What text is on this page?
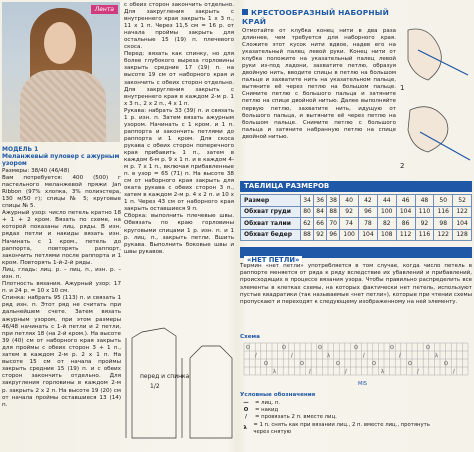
Лента
МОДЕЛЬ 1
Меланжевый пуловер с ажурным узором

Размеры: 38/40 (46/48)

Вам потребуется: 400 (500) г пастельного меланжевой пряжи Jan Ribbon (97% хлопка, 3% полиэстера, 130 м/50 г); спицы № 5; круговые спицы № 5.

Ажурный узор: число петель кратно 18 + 1 + 2 кром. Вязать по схеме, на которой показаны лиц. ряды. В изн. рядах петли и накиды вязать изн. Начинать с 1 кром., петель до раппорта, повторять раппорт, закончить петлями после раппорта и 1 кром. Повторять 1-й-2-й ряды.

Лиц. гладь: лиц. р. – лиц. п., изн. р. – изн. п.

Плотность вязания. Ажурный узор: 17 п. и 24 р. = 10 х 10 см.

Спинка: набрать 95 (113) п. и связать 1 ряд изн. п. Этот ряд не считать при дальнейшем счете. Затем вязать ажурным узором, при этом размеры 46/48 начинать с 1-й петли и 2 петли, при петлях 18 (на 2-й кром.). На высоте 39 (40) см от наборного края закрыть для проймы с обеих сторон 3 + 1 п., затем в каждом 2-м р. 2 х 1 п. На высоте 15 см от начала проймы закрыть средние 15 (19) п. и с обеих сторон закончить отдельно. Для закругления горловины в каждом 2-м р. закрыть 2 х 2 п. На высоте 19 (20) см от начала проймы оставшиеся 13 (14) п.

с обеих сторон закончить отдельно. Для закругления закрыть с внутреннего края закрыть 1 х 3 п., 11 х 1 п. Через 11,5 см = 16 р. от начала проймы закрыть для остальные 15 (19) п. плечевого скоса.

Перед: вязать как спинку, но для более глубокого выреза горловины закрыть средние 17 (19) п. на высоте 19 см от наборного края и закончить с обеих сторон отдельно. Для закругления закрыть с внутреннего края в каждом 2-м р. 1 х 3 п., 2 х 2 п., 4 х 1 п.

Рукава: набрать 33 (39) п. и связать 1 р. изн. п. Затем вязать ажурным узором. Начинать с 1 кром. и 1 п. раппорта и закончить петлями до раппорта и 1 кром. Для скоса рукава с обеих сторон поперечного края прибавить 1 п., затем в каждом 6-м р. 9 х 1 п. и в каждом 4-м р. 7 х 1 п., включая прибавленные п. в узор = 65 (71) п. На высоте 38 см от наборного края закрыть для оката рукава с обеих сторон 3 п., затем в каждом 2-м р. 4 х 2 п. и 10 х 1 п. Через 43 см от наборного края закрыть оставшиеся 9 п.

Сборка: выполнить плечевые швы. Обвязать по краю горловины круговыми спицами 1 р. изн. п. и 1 р. лиц. п., закрыть петли. Вшить рукава. Выполнить боковые швы и швы рукавов.

перед и спинка
1/2
КРЕСТООБРАЗНЫЙ НАБОРНЫЙ КРАЙ
Отмотайте от клубка конец нити в два раза длиннее, чем требуется для наборного края. Сложите этот кусок нити вдвое, надев его на указательный палец левой руки. Конец нити от клубка положите на указательный палец левой руки из-под ладони, захватите петлю, образуя двойную нить, вводите спицы в петлю на большом пальце и захватите нить на указательном пальце, вытяните её через петлю на большом пальце. Снимите петлю с большого пальца и затяните петлю на спице двойной нитью. Далее выполняйте первую петлю, захватите нить, идущую от большого пальца, и вытяните её через петлю на большом пальце. Снимите петлю с большого пальца и затяните набранную петлю на спице двойной нитью.
1
2
ТАБЛИЦА РАЗМЕРОВ
Размер	34	36	38	40	42	44	46	48	50	52
Обхват груди	80	84	88	92	96	100	104	110	116	122
Обхват талии	62	66	70	74	78	82	86	92	98	104
Обхват бедер	88	92	96	100	104	108	112	116	122	128
«НЕТ ПЕТЛИ»
Термин «нет петли» употребляется в том случае, когда число петель в раппорте меняется от ряда к ряду вследствие их убавлений и прибавлений, происходящих в процессе вязания узора. Чтобы правильно распределить все элементы в клетках схемы, на которых фактически нет петель, используют пустые квадратики (так называемые «нет петли»), которые при чтении схемы пропускают и переходят к следующему изображенному на ней элементу.
Схема
O
/
O
λ
O
/
O
/
O
λ
O
/
O
/
O
λ
O
/
O
/
O
λ
O
/
MIS
Условные обозначения
—	= лиц. п.
O	= накид
/	= провязать 2 п. вместе лиц.
λ
= 1 п. снять как при вязании лиц., 2 п. вместе лиц., протянуть через снятую
